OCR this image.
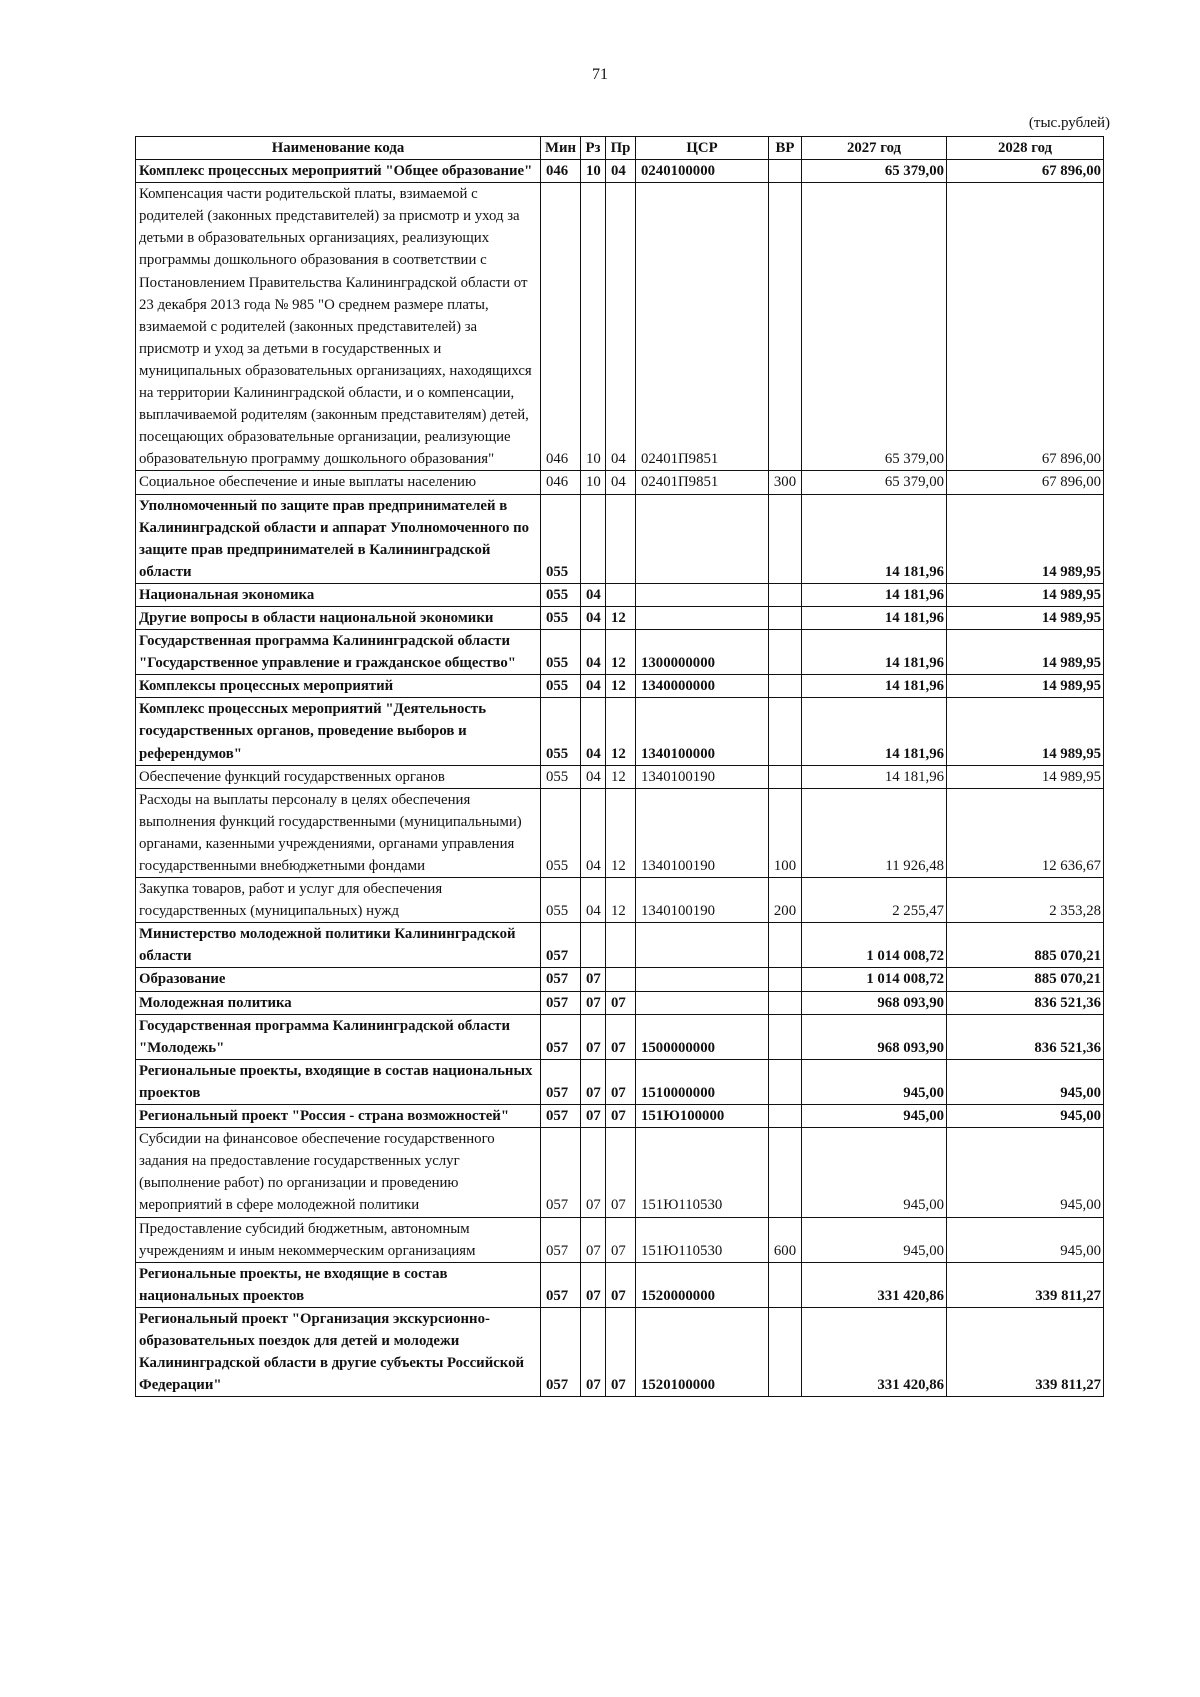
71
(тыс.рублей)
Наименование кода	Мин	Рз	Пр	ЦСР	ВР	2027 год	2028 год
Комплекс процессных мероприятий "Общее образование"	046	10	04	0240100000		65 379,00	67 896,00
Компенсация части родительской платы, взимаемой с родителей (законных представителей) за присмотр и уход за детьми в образовательных организациях, реализующих программы дошкольного образования в соответствии с Постановлением Правительства Калининградской области от 23 декабря 2013 года № 985 "О среднем размере платы, взимаемой с родителей (законных представителей) за присмотр и уход за детьми в государственных и муниципальных образовательных организациях, находящихся на территории Калининградской области, и о компенсации, выплачиваемой родителям (законным представителям) детей, посещающих образовательные организации, реализующие образовательную программу дошкольного образования"	046	10	04	02401П9851		65 379,00	67 896,00
Социальное обеспечение и иные выплаты населению	046	10	04	02401П9851	300	65 379,00	67 896,00
Уполномоченный по защите прав предпринимателей в Калининградской области и аппарат Уполномоченного по защите прав предпринимателей в Калининградской области	055					14 181,96	14 989,95
Национальная экономика	055	04				14 181,96	14 989,95
Другие вопросы в области национальной экономики	055	04	12			14 181,96	14 989,95
Государственная программа Калининградской области "Государственное управление и гражданское общество"	055	04	12	1300000000		14 181,96	14 989,95
Комплексы процессных мероприятий	055	04	12	1340000000		14 181,96	14 989,95
Комплекс процессных мероприятий "Деятельность государственных органов, проведение выборов и референдумов"	055	04	12	1340100000		14 181,96	14 989,95
Обеспечение функций государственных органов	055	04	12	1340100190		14 181,96	14 989,95
Расходы на выплаты персоналу в целях обеспечения выполнения функций государственными (муниципальными) органами, казенными учреждениями, органами управления государственными внебюджетными фондами	055	04	12	1340100190	100	11 926,48	12 636,67
Закупка товаров, работ и услуг для обеспечения государственных (муниципальных) нужд	055	04	12	1340100190	200	2 255,47	2 353,28
Министерство молодежной политики Калининградской области	057					1 014 008,72	885 070,21
Образование	057	07				1 014 008,72	885 070,21
Молодежная политика	057	07	07			968 093,90	836 521,36
Государственная программа Калининградской области "Молодежь"	057	07	07	1500000000		968 093,90	836 521,36
Региональные проекты, входящие в состав национальных проектов	057	07	07	1510000000		945,00	945,00
Региональный проект "Россия - страна возможностей"	057	07	07	151Ю100000		945,00	945,00
Субсидии на финансовое обеспечение государственного задания на предоставление государственных услуг (выполнение работ) по организации и проведению мероприятий в сфере молодежной политики	057	07	07	151Ю110530		945,00	945,00
Предоставление субсидий бюджетным, автономным учреждениям и иным некоммерческим организациям	057	07	07	151Ю110530	600	945,00	945,00
Региональные проекты, не входящие в состав национальных проектов	057	07	07	1520000000		331 420,86	339 811,27
Региональный проект "Организация экскурсионно-образовательных поездок для детей и молодежи Калининградской области в другие субъекты Российской Федерации"	057	07	07	1520100000		331 420,86	339 811,27
